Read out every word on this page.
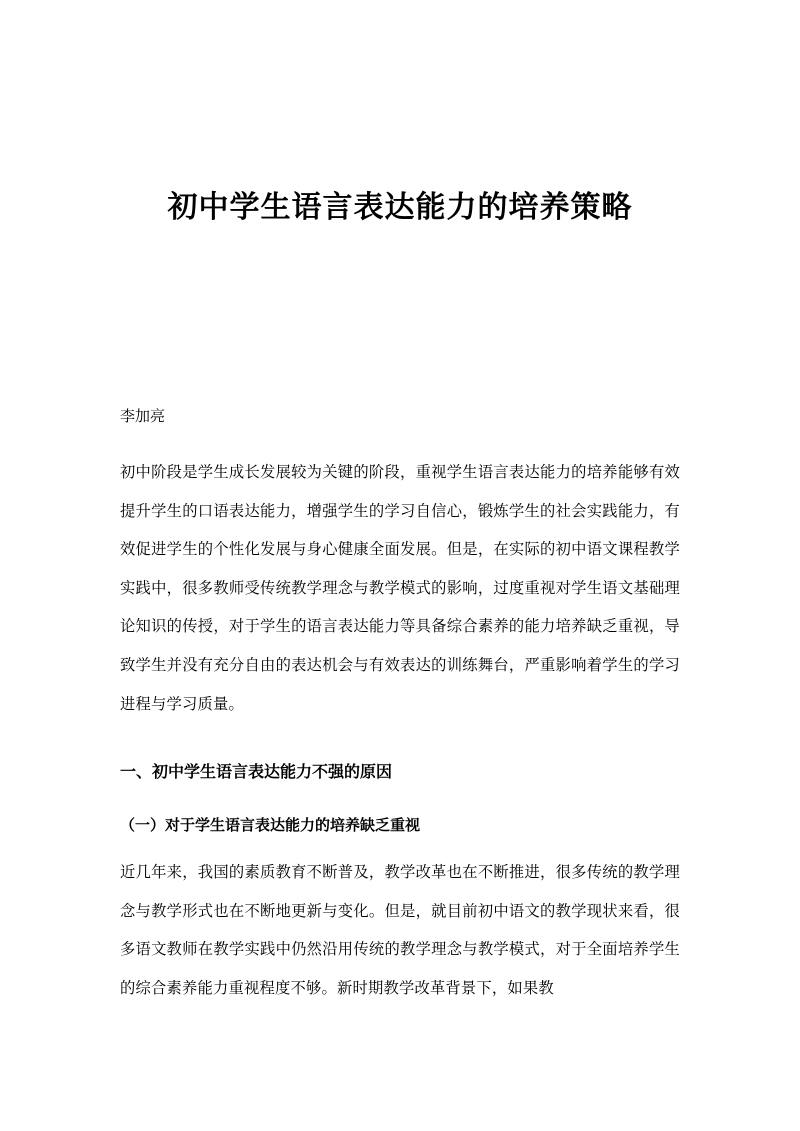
初中学生语言表达能力的培养策略

李加亮

初中阶段是学生成长发展较为关键的阶段，重视学生语言表达能力的培养能够有效提升学生的口语表达能力，增强学生的学习自信心，锻炼学生的社会实践能力，有效促进学生的个性化发展与身心健康全面发展。但是，在实际的初中语文课程教学实践中，很多教师受传统教学理念与教学模式的影响，过度重视对学生语文基础理论知识的传授，对于学生的语言表达能力等具备综合素养的能力培养缺乏重视，导致学生并没有充分自由的表达机会与有效表达的训练舞台，严重影响着学生的学习进程与学习质量。

一、初中学生语言表达能力不强的原因
（一）对于学生语言表达能力的培养缺乏重视

近几年来，我国的素质教育不断普及，教学改革也在不断推进，很多传统的教学理念与教学形式也在不断地更新与变化。但是，就目前初中语文的教学现状来看，很多语文教师在教学实践中仍然沿用传统的教学理念与教学模式，对于全面培养学生的综合素养能力重视程度不够。新时期教学改革背景下，如果教
